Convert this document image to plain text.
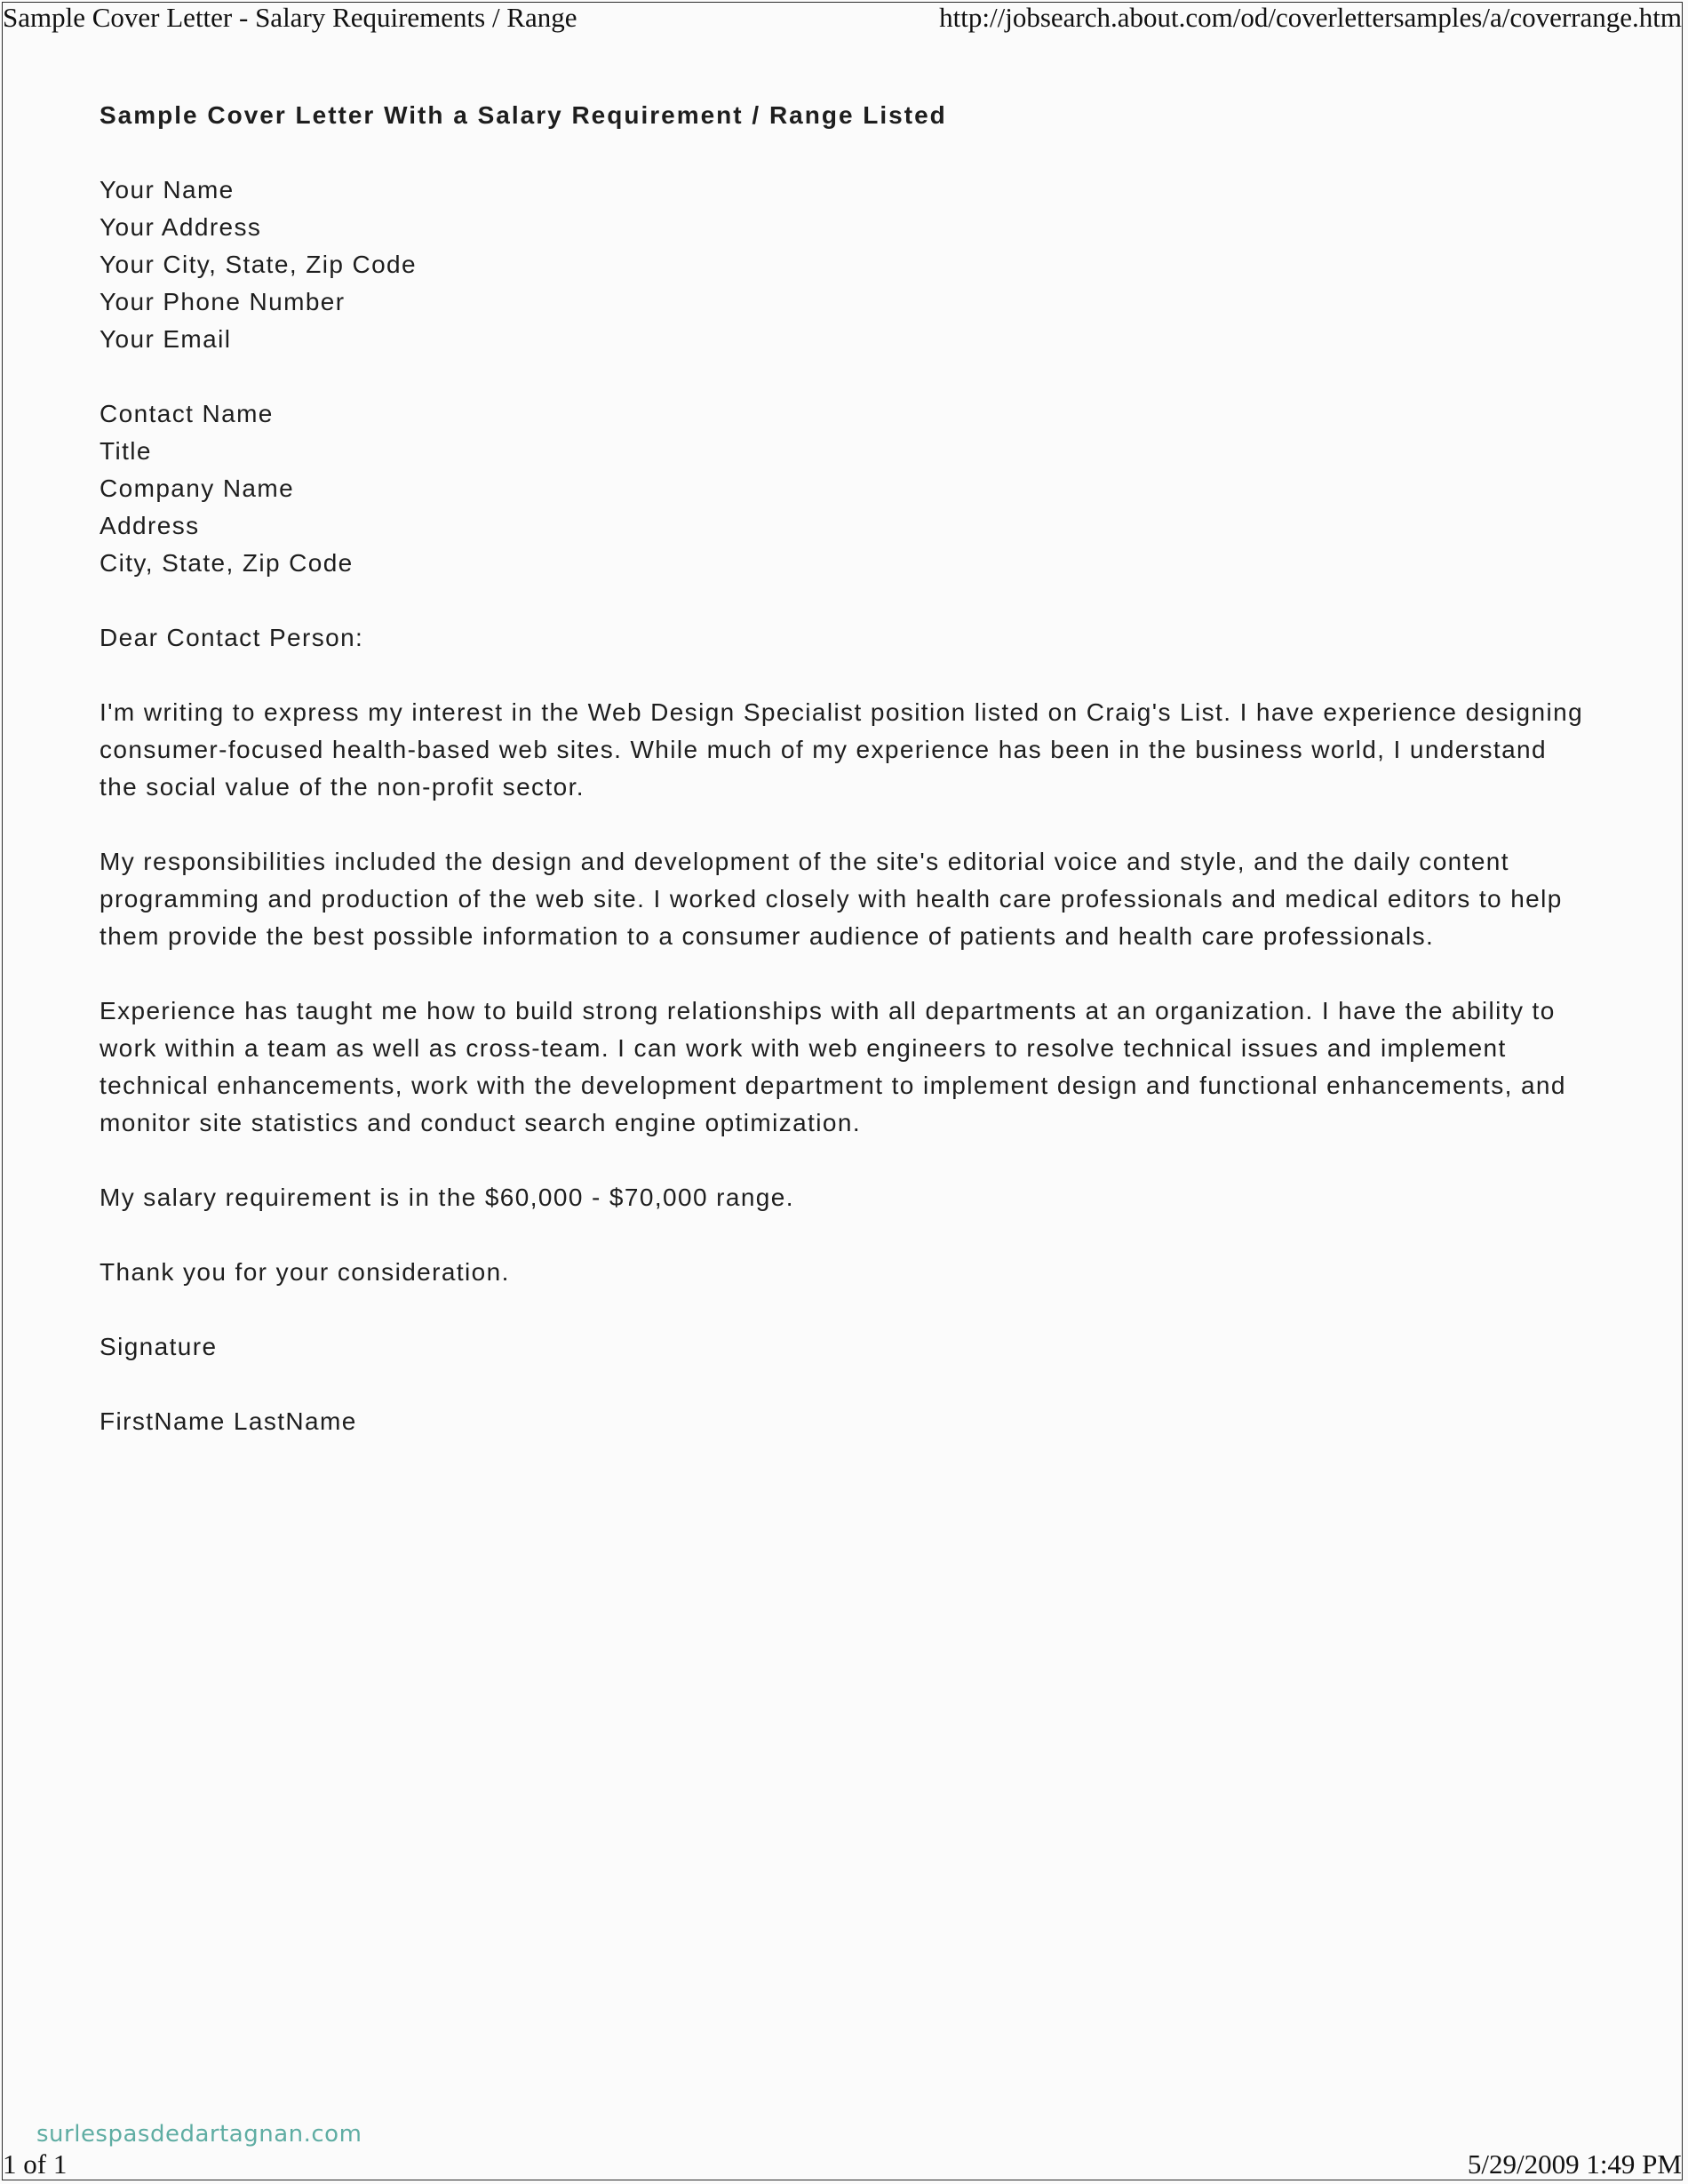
Sample Cover Letter - Salary Requirements / Range	http://jobsearch.about.com/od/coverlettersamples/a/coverrange.htm
Sample Cover Letter With a Salary Requirement / Range Listed
Your Name
Your Address
Your City, State, Zip Code
Your Phone Number
Your Email
Contact Name
Title
Company Name
Address
City, State, Zip Code

Dear Contact Person:

I'm writing to express my interest in the Web Design Specialist position listed on Craig's List. I have experience designing consumer-focused health-based web sites. While much of my experience has been in the business world, I understand the social value of the non-profit sector.

My responsibilities included the design and development of the site's editorial voice and style, and the daily content programming and production of the web site. I worked closely with health care professionals and medical editors to help them provide the best possible information to a consumer audience of patients and health care professionals.

Experience has taught me how to build strong relationships with all departments at an organization. I have the ability to work within a team as well as cross-team. I can work with web engineers to resolve technical issues and implement technical enhancements, work with the development department to implement design and functional enhancements, and monitor site statistics and conduct search engine optimization.

My salary requirement is in the $60,000 - $70,000 range.

Thank you for your consideration.

Signature

FirstName LastName

surlespasdedartagnan.com
1 of 1	5/29/2009 1:49 PM
